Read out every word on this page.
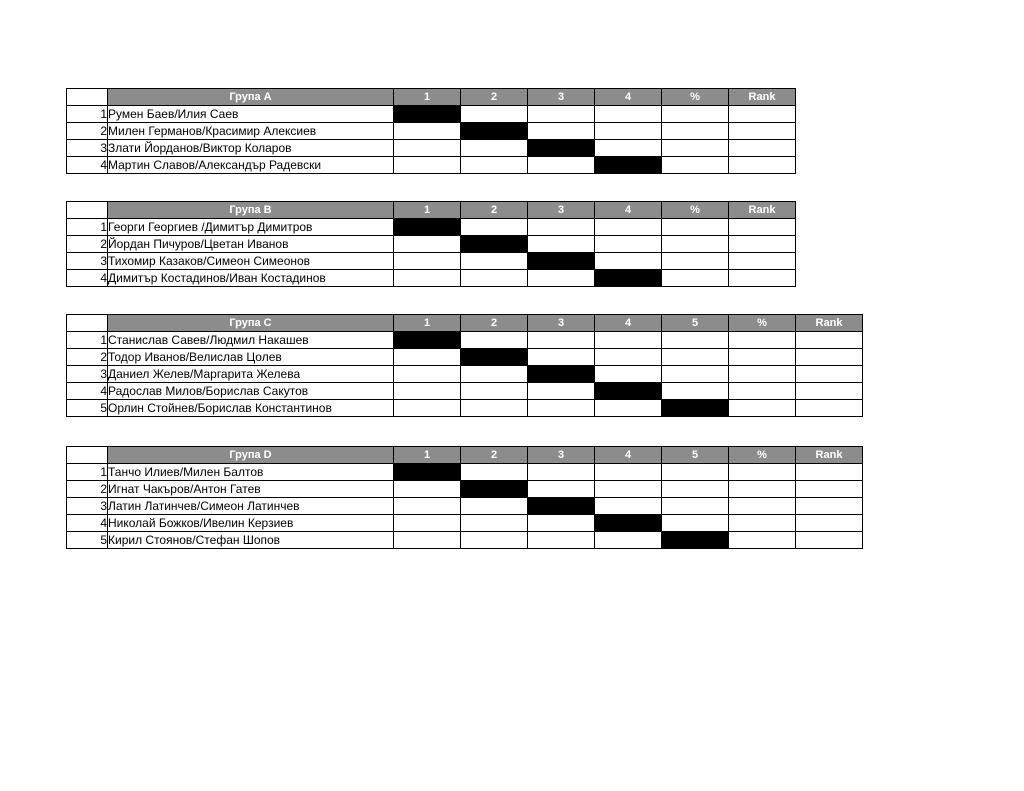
	Група А	1	2	3	4	%	Rank
1	Румен Баев/Илия Саев						
2	Милен Германов/Красимир Алексиев						
3	Злати Йорданов/Виктор Коларов						
4	Мартин Славов/Александър Радевски						
	Група В	1	2	3	4	%	Rank
1	Георги Георгиев /Димитър Димитров						
2	Йордан Пичуров/Цветан Иванов						
3	Тихомир Казаков/Симеон Симеонов						
4	Димитър Костадинов/Иван Костадинов						
	Група С	1	2	3	4	5	%	Rank
1	Станислав Савев/Людмил Накашев							
2	Тодор Иванов/Велислав Цолев							
3	Даниел Желев/Маргарита Желева							
4	Радослав Милов/Борислав Сакутов							
5	Орлин Стойнев/Борислав Константинов							
	Група D	1	2	3	4	5	%	Rank
1	Танчо Илиев/Милен Балтов							
2	Игнат Чакъров/Антон Гатев							
3	Латин Латинчев/Симеон Латинчев							
4	Николай Божков/Ивелин Керзиев							
5	Кирил Стоянов/Стефан Шопов							
